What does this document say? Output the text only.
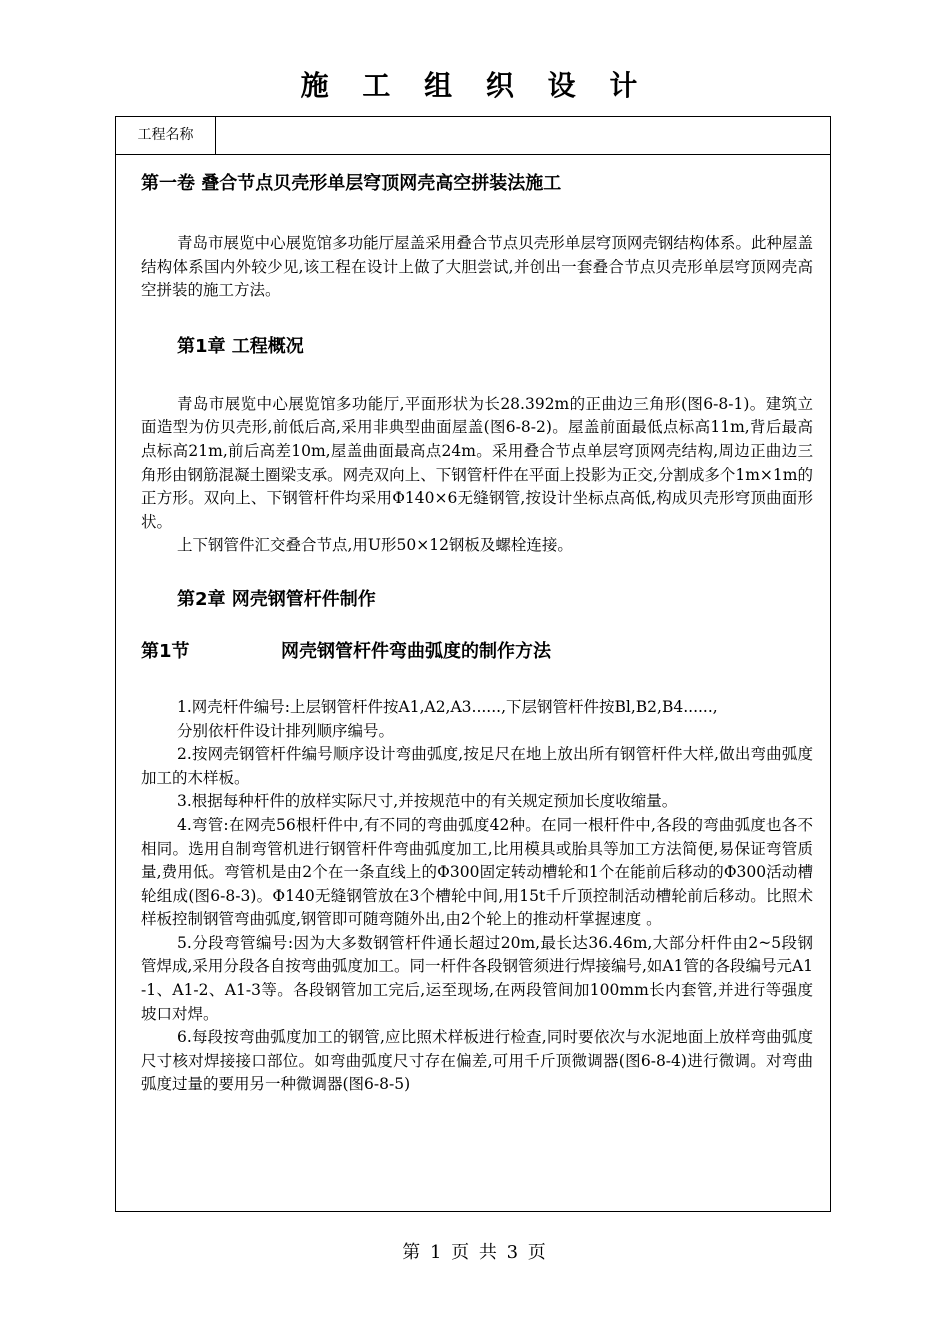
施 工 组 织 设 计
工程名称
第一卷 叠合节点贝壳形单层穹顶网壳高空拼装法施工

青岛市展览中心展览馆多功能厅屋盖采用叠合节点贝壳形单层穹顶网壳钢结构体系。此种屋盖结构体系国内外较少见,该工程在设计上做了大胆尝试,并创出一套叠合节点贝壳形单层穹顶网壳高空拼装的施工方法。

第1章 工程概况

青岛市展览中心展览馆多功能厅,平面形状为长28.392m的正曲边三角形(图6-8-1)。建筑立面造型为仿贝壳形,前低后高,采用非典型曲面屋盖(图6-8-2)。屋盖前面最低点标高11m,背后最高点标高21m,前后高差10m,屋盖曲面最高点24m。采用叠合节点单层穹顶网壳结构,周边正曲边三角形由钢筋混凝土圈梁支承。网壳双向上、下钢管杆件在平面上投影为正交,分割成多个1m×1m的正方形。双向上、下钢管杆件均采用Φ140×6无缝钢管,按设计坐标点高低,构成贝壳形穹顶曲面形状。

上下钢管件汇交叠合节点,用U形50×12钢板及螺栓连接。

第2章 网壳钢管杆件制作
第1节	网壳钢管杆件弯曲弧度的制作方法

1.网壳杆件编号:上层钢管杆件按A1,A2,A3......,下层钢管杆件按Bl,B2,B4......,

分别依杆件设计排列顺序编号。

2.按网壳钢管杆件编号顺序设计弯曲弧度,按足尺在地上放出所有钢管杆件大样,做出弯曲弧度加工的木样板。

3.根据每种杆件的放样实际尺寸,并按规范中的有关规定预加长度收缩量。

4.弯管:在网壳56根杆件中,有不同的弯曲弧度42种。在同一根杆件中,各段的弯曲弧度也各不相同。选用自制弯管机进行钢管杆件弯曲弧度加工,比用模具或胎具等加工方法简便,易保证弯管质量,费用低。弯管机是由2个在一条直线上的Φ300固定转动槽轮和1个在能前后移动的Φ300活动槽轮组成(图6-8-3)。Φ140无缝钢管放在3个槽轮中间,用15t千斤顶控制活动槽轮前后移动。比照术样板控制钢管弯曲弧度,钢管即可随弯随外出,由2个轮上的推动杆掌握速度 。

5.分段弯管编号:因为大多数钢管杆件通长超过20m,最长达36.46m,大部分杆件由2~5段钢管焊成,采用分段各自按弯曲弧度加工。同一杆件各段钢管须进行焊接编号,如A1管的各段编号元A1-1、A1-2、A1-3等。各段钢管加工完后,运至现场,在两段管间加100mm长内套管,并进行等强度坡口对焊。

6.每段按弯曲弧度加工的钢管,应比照术样板进行检查,同时要依次与水泥地面上放样弯曲弧度尺寸核对焊接接口部位。如弯曲弧度尺寸存在偏差,可用千斤顶微调器(图6-8-4)进行微调。对弯曲弧度过量的要用另一种微调器(图6-8-5)

第 1 页 共 3 页
